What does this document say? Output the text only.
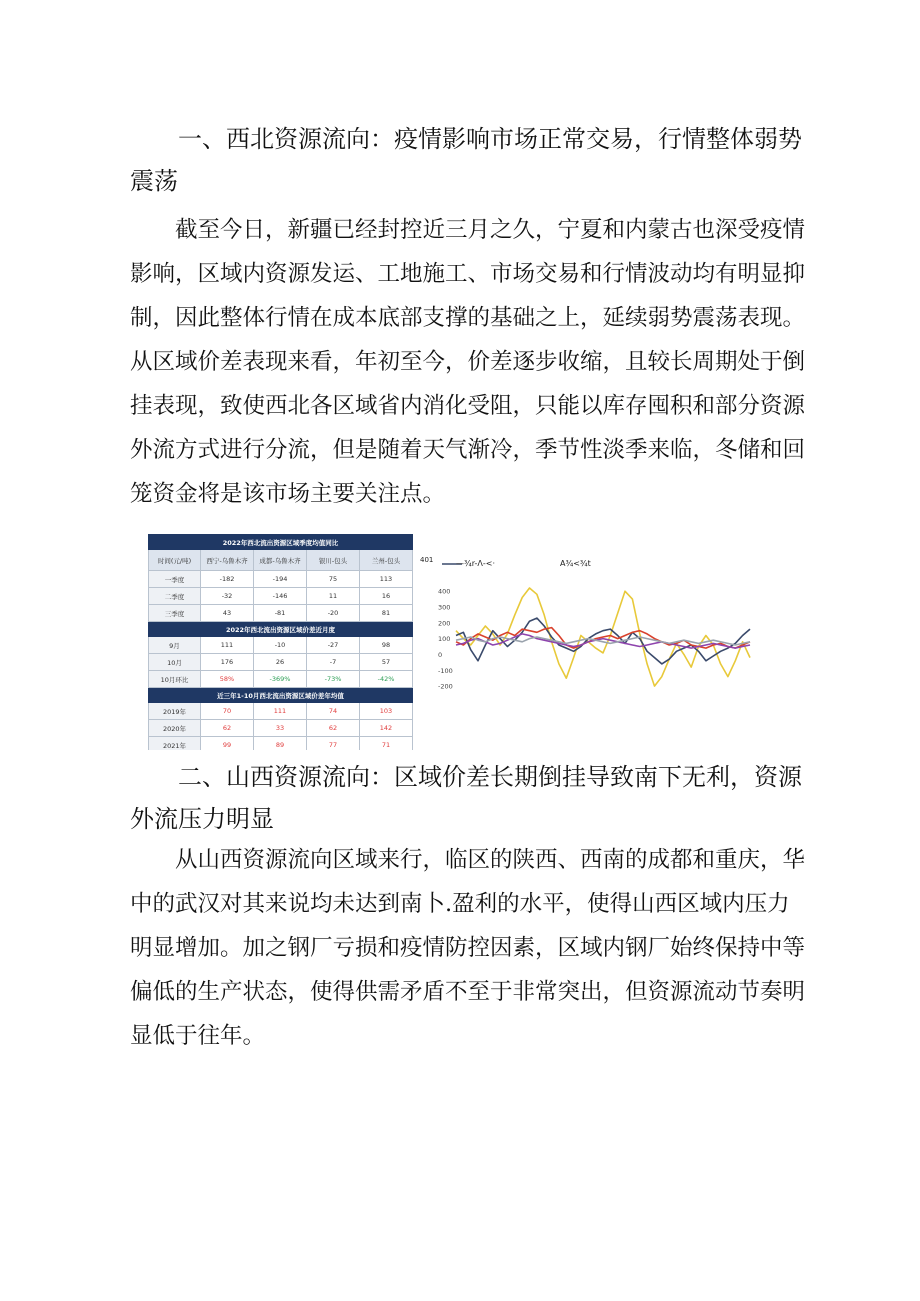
一、西北资源流向：疫情影响市场正常交易，行情整体弱势震荡
截至今日，新疆已经封控近三月之久，宁夏和内蒙古也深受疫情影响，区域内资源发运、工地施工、市场交易和行情波动均有明显抑制，因此整体行情在成本底部支撑的基础之上，延续弱势震荡表现。从区域价差表现来看，年初至今，价差逐步收缩，且较长周期处于倒挂表现，致使西北各区域省内消化受阻，只能以库存囤积和部分资源外流方式进行分流，但是随着天气渐冷，季节性淡季来临，冬储和回笼资金将是该市场主要关注点。
2022年西北流出资源区域季度均值同比				
时间(元/吨)	西宁-乌鲁木齐	成都-乌鲁木齐	银川-包头	兰州-包头
一季度	-182	-194	75	113
二季度	-32	-146	11	16
三季度	43	-81	-20	81
2022年西北流出资源区域价差近月度				
9月	111	-10	-27	98
10月	176	26	-7	57
10月环比	58%	-369%	-73%	-42%
近三年1-10月西北流出资源区域价差年均值				
2019年	70	111	74	103
2020年	62	33	62	142
2021年	99	89	77	71

401	—¾r-Λ-<·	A¾<¾t
400
300
200
100
0
-100
-200
二、山西资源流向：区域价差长期倒挂导致南下无利，资源外流压力明显
从山西资源流向区域来行，临区的陕西、西南的成都和重庆，华中的武汉对其来说均未达到南卜.盈利的水平，使得山西区域内压力明显增加。加之钢厂亏损和疫情防控因素，区域内钢厂始终保持中等偏低的生产状态，使得供需矛盾不至于非常突出，但资源流动节奏明显低于往年。
